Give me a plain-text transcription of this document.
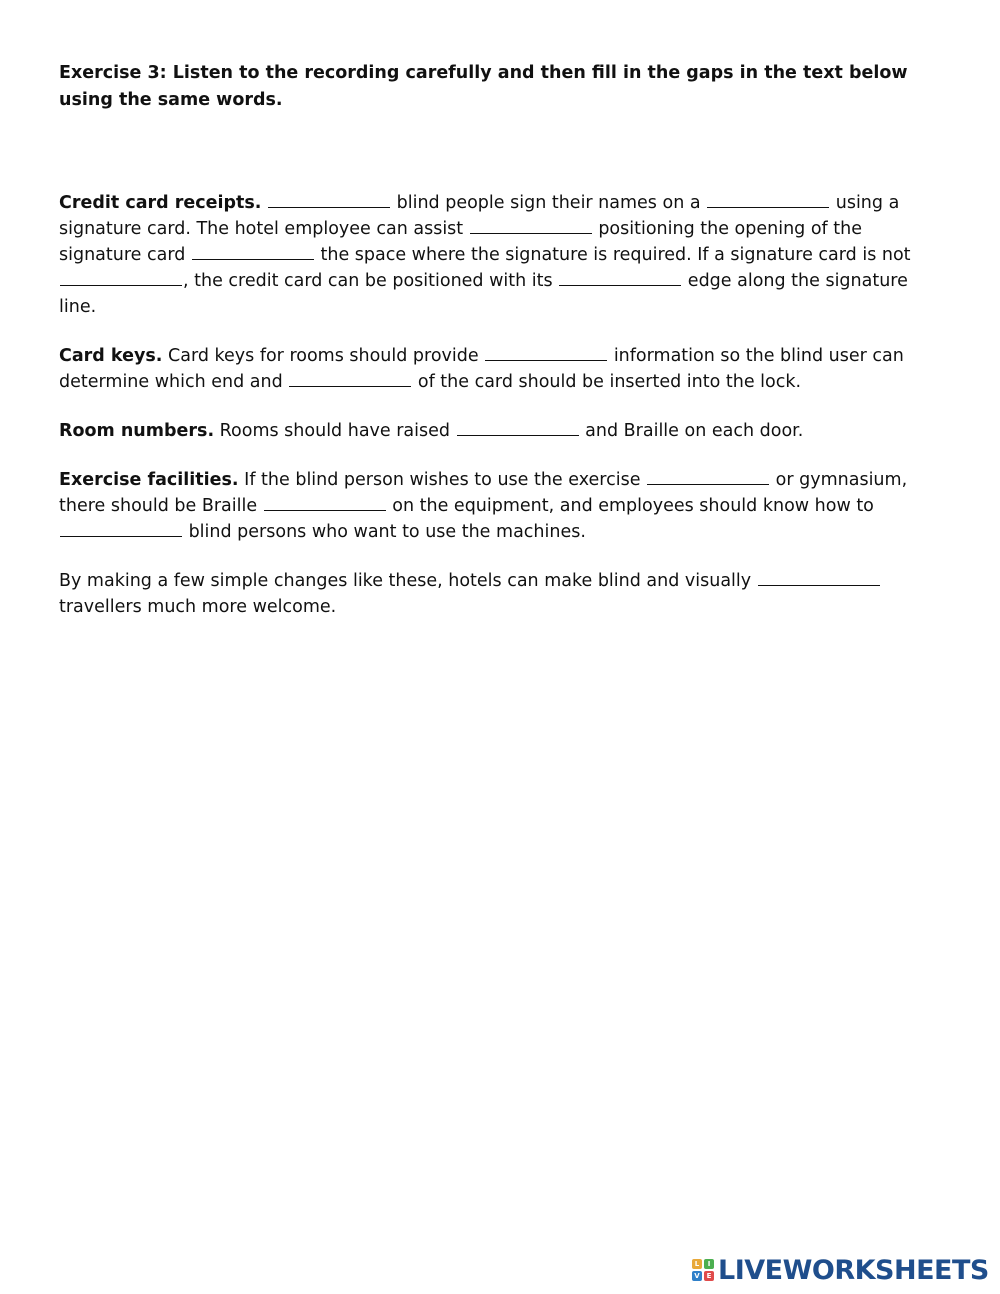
Exercise 3: Listen to the recording carefully and then fill in the gaps in the text below using the same words.

Credit card receipts.	blind people sign their names on a	using a signature card. The hotel employee can assist	positioning the opening of the signature card	the space where the signature is required. If a signature card is not , the credit card can be positioned with its	edge along the signature line.

Card keys. Card keys for rooms should provide	information so the blind user can determine which end and	of the card should be inserted into the lock.

Room numbers. Rooms should have raised	and Braille on each door.

Exercise facilities. If the blind person wishes to use the exercise	or gymnasium, there should be Braille	on the equipment, and employees should know how to  blind persons who want to use the machines.

By making a few simple changes like these, hotels can make blind and visually  travellers much more welcome.

L	I
V E LIVEWORKSHEETS
